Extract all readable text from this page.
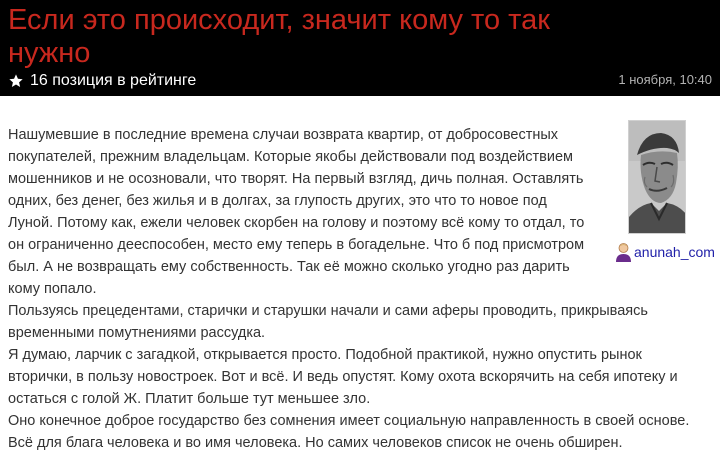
Если это происходит, значит кому то так
нужно
16 позиция в рейтинге	1 ноября, 10:40
anunah_com

Нашумевшие в последние времена случаи возврата квартир, от добросовестных

покупателей, прежним владельцам. Которые якобы действовали под воздействием

мошенников и не осозновали, что творят. На первый взгляд, дичь полная. Оставлять

одних, без денег, без жилья и в долгах, за глупость других, это что то новое под

Луной. Потому как, ежели человек скорбен на голову и поэтому всё кому то отдал, то

он ограниченно дееспособен, место ему теперь в богадельне. Что б под присмотром

был. А не возвращать ему собственность. Так её можно сколько угодно раз дарить

кому попало.

Пользуясь прецедентами, старички и старушки начали и сами аферы проводить, прикрываясь

временными помутнениями рассудка.

Я думаю, ларчик с загадкой, открывается просто. Подобной практикой, нужно опустить рынок

вторички, в пользу новостроек. Вот и всё. И ведь опустят. Кому охота вскорячить на себя ипотеку и

остаться с голой Ж. Платит больше тут меньшее зло.

Оно конечное доброе государство без сомнения имеет социальную направленность в своей основе.

Всё для блага человека и во имя человека. Но самих человеков список не очень обширен.
